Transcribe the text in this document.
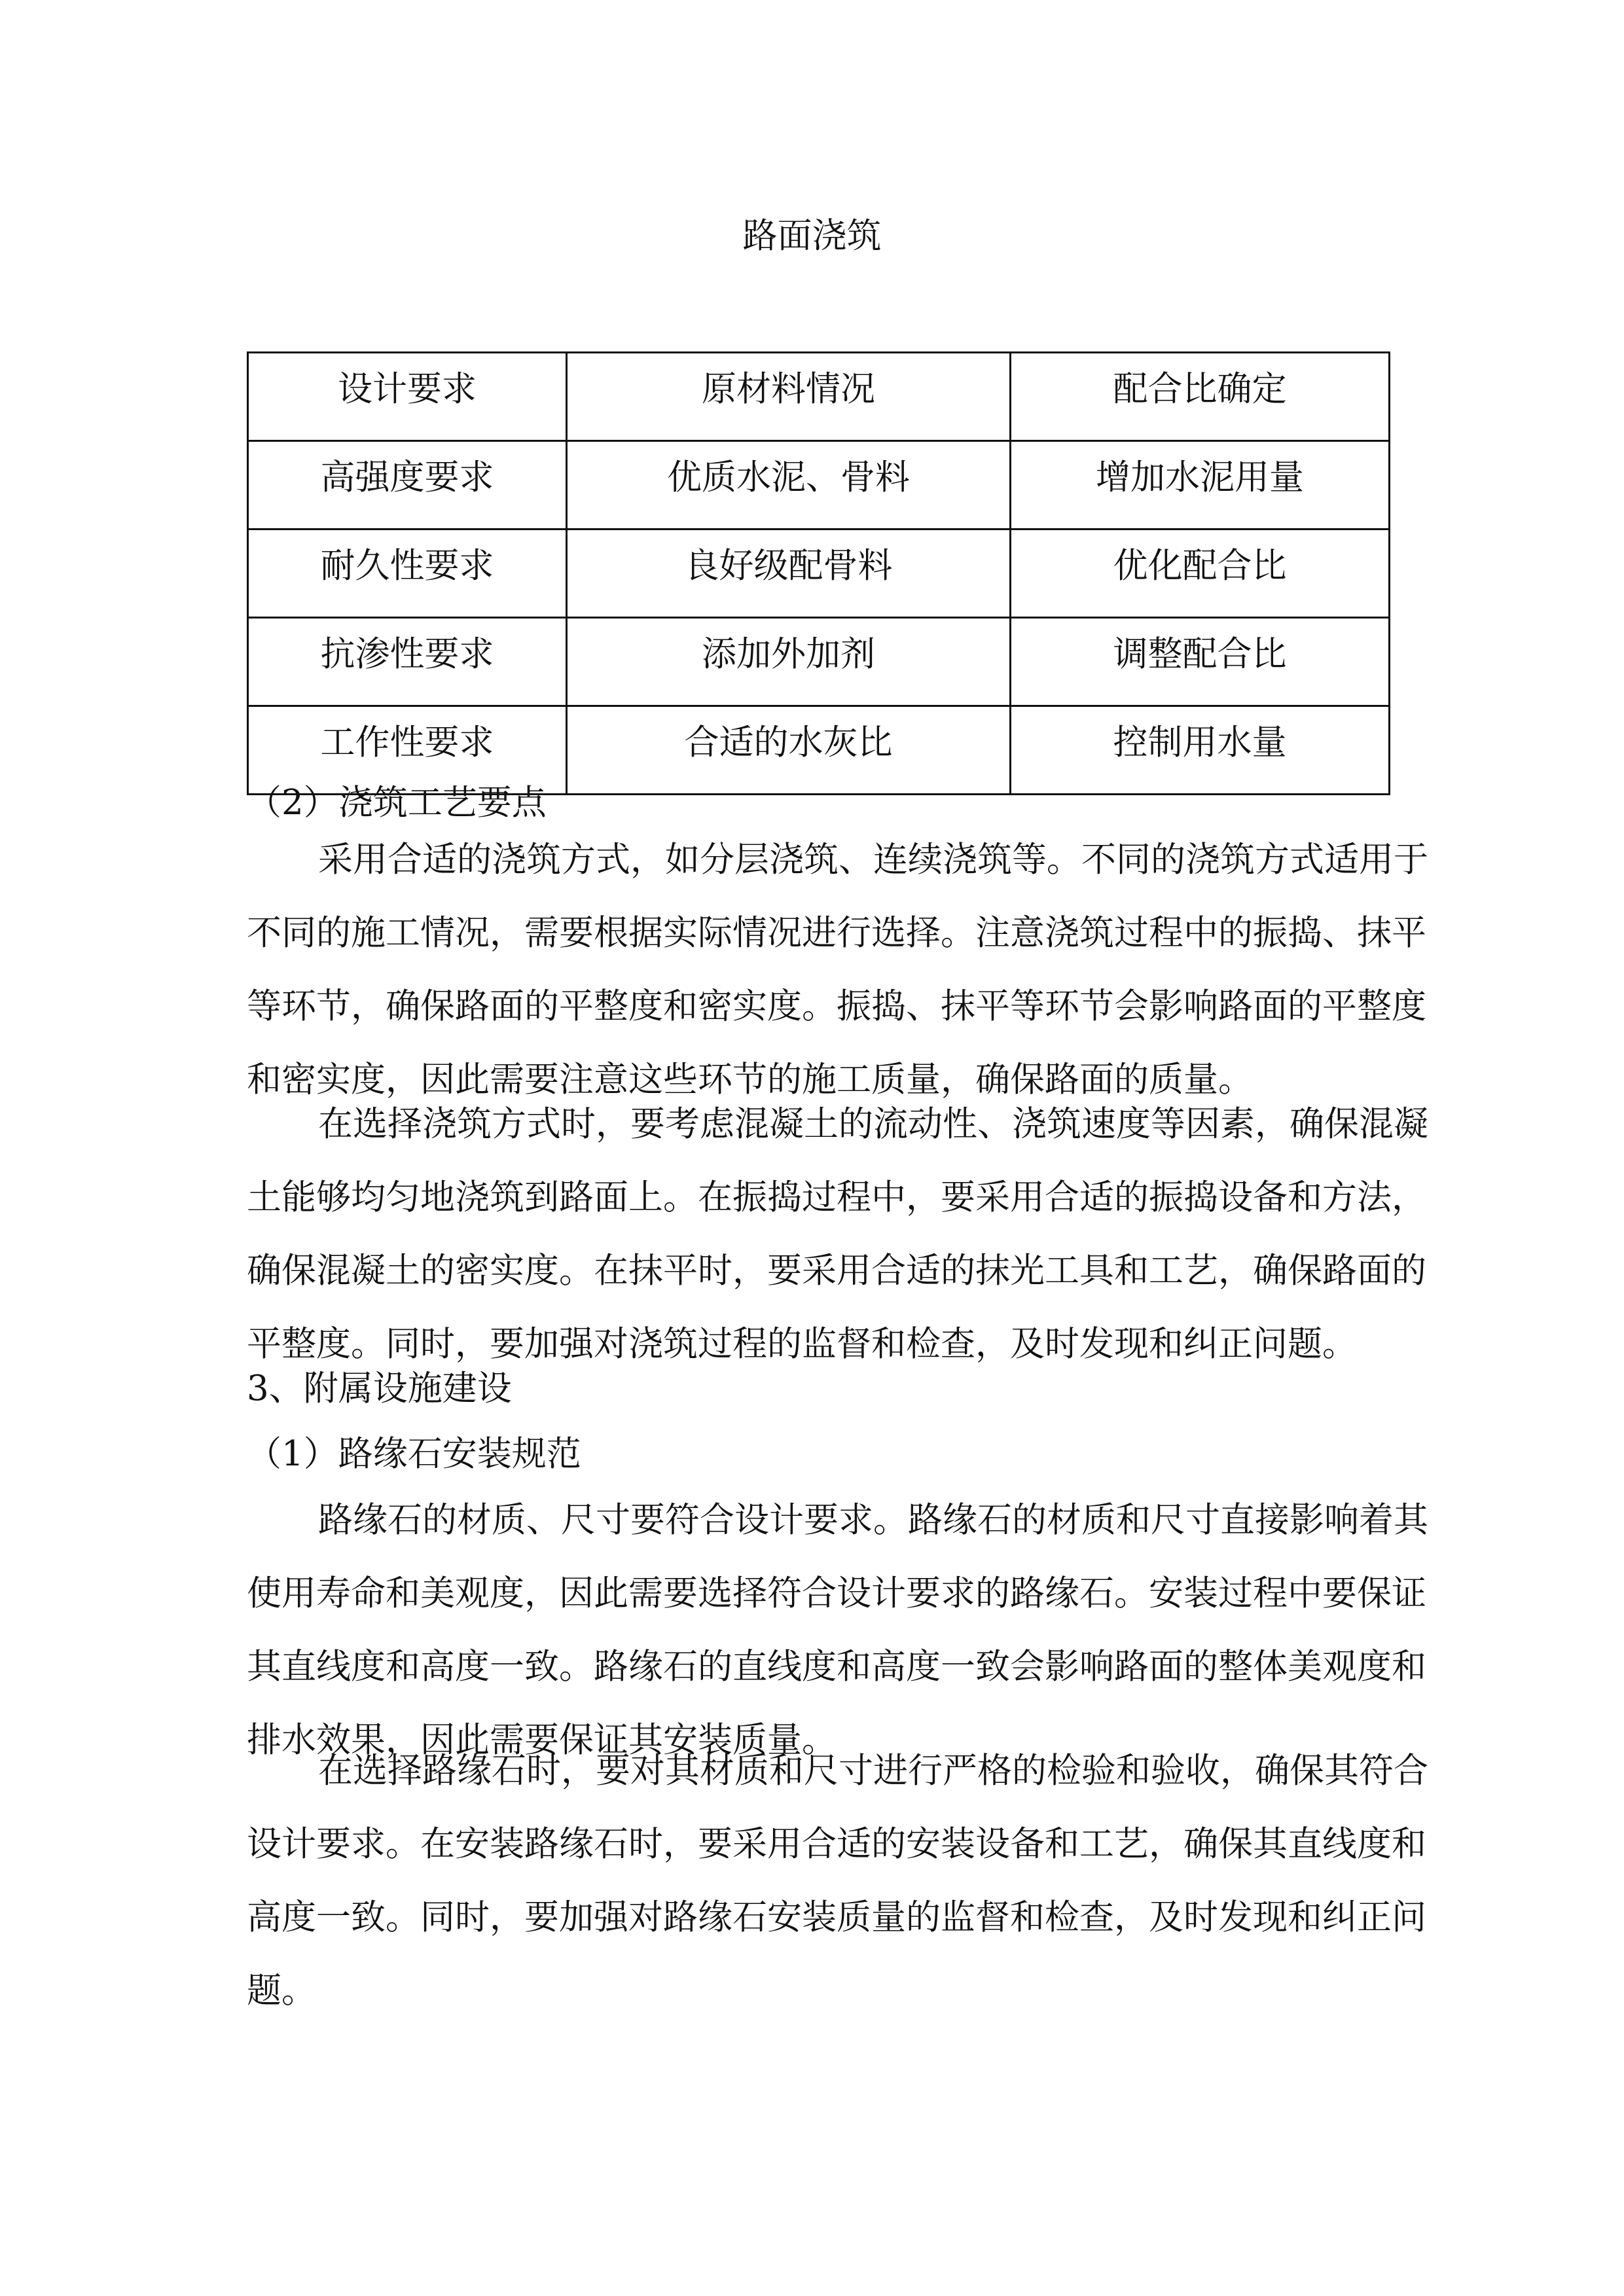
路面浇筑
设计要求	原材料情况	配合比确定
高强度要求	优质水泥、骨料	增加水泥用量
耐久性要求	良好级配骨料	优化配合比
抗渗性要求	添加外加剂	调整配合比
工作性要求	合适的水灰比	控制用水量
（2）浇筑工艺要点
采用合适的浇筑方式，如分层浇筑、连续浇筑等。不同的浇筑方式适用于
不同的施工情况，需要根据实际情况进行选择。注意浇筑过程中的振捣、抹平
等环节，确保路面的平整度和密实度。振捣、抹平等环节会影响路面的平整度
和密实度，因此需要注意这些环节的施工质量，确保路面的质量。
在选择浇筑方式时，要考虑混凝土的流动性、浇筑速度等因素，确保混凝
土能够均匀地浇筑到路面上。在振捣过程中，要采用合适的振捣设备和方法，
确保混凝土的密实度。在抹平时，要采用合适的抹光工具和工艺，确保路面的
平整度。同时，要加强对浇筑过程的监督和检查，及时发现和纠正问题。
3、附属设施建设
（1）路缘石安装规范
路缘石的材质、尺寸要符合设计要求。路缘石的材质和尺寸直接影响着其
使用寿命和美观度，因此需要选择符合设计要求的路缘石。安装过程中要保证
其直线度和高度一致。路缘石的直线度和高度一致会影响路面的整体美观度和
排水效果，因此需要保证其安装质量。
在选择路缘石时，要对其材质和尺寸进行严格的检验和验收，确保其符合
设计要求。在安装路缘石时，要采用合适的安装设备和工艺，确保其直线度和
高度一致。同时，要加强对路缘石安装质量的监督和检查，及时发现和纠正问
题。
